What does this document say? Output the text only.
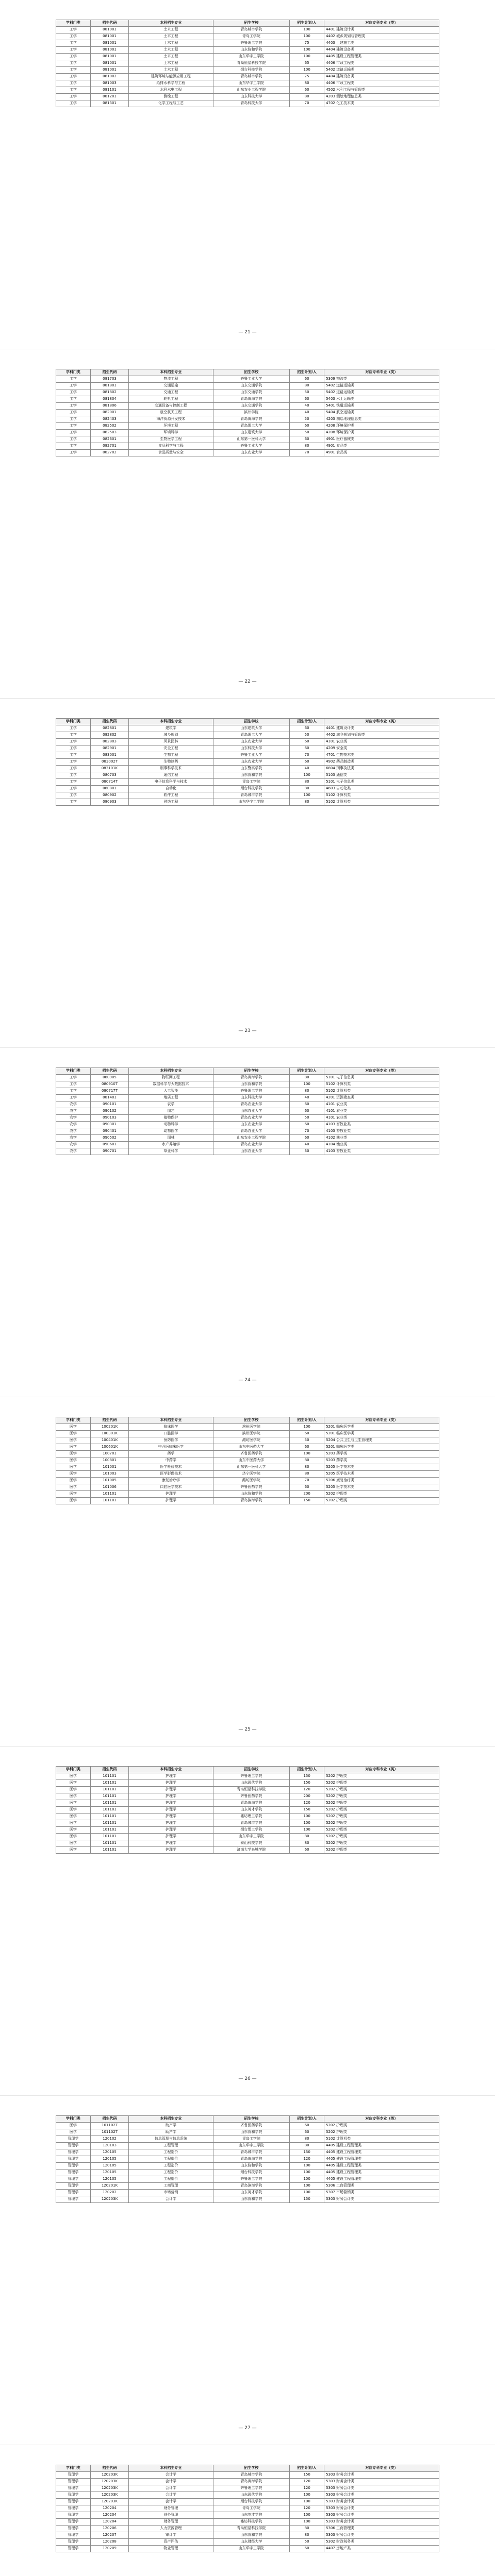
学科门类	招生代码	本科招生专业	招生学校	招生计划/人	对应专科专业（类）
工学	081001	土木工程	青岛城市学院	100	4401 建筑设计类
工学	081001	土木工程	青岛工学院	100	4402 城乡规划与管理类
工学	081001	土木工程	齐鲁理工学院	75	4403 土建施工类
工学	081001	土木工程	山东协和学院	100	4404 建筑设备类
工学	081001	土木工程	山东华宇工学院	100	4405 建设工程管理类
工学	081001	土木工程	青岛恒星科技学院	65	4406 市政工程类
工学	081001	土木工程	烟台科技学院	100	5402 道路运输类
工学	081002	建筑环境与能源应用工程	青岛城市学院	75	4404 建筑设备类
工学	081003	给排水科学与工程	山东华宇工学院	80	4406 市政工程类
工学	081101	水利水电工程	山东农业工程学院	60	4502 水利工程与管理类
工学	081201	测绘工程	山东科技大学	80	4203 测绘地理信息类
工学	081301	化学工程与工艺	青岛科技大学	70	4702 化工技术类
— 21 —
学科门类	招生代码	本科招生专业	招生学校	招生计划/人	对应专科专业（类）
工学	081703	物流工程	齐鲁工业大学	60	5309 物流类
工学	081801	交通运输	山东交通学院	80	5402 道路运输类
工学	081802	交通工程	山东交通学院	50	5402 道路运输类
工学	081804	轮机工程	青岛黄海学院	60	5403 水上运输类
工学	081806	交通设备与控制工程	山东交通学院	40	5401 铁道运输类
工学	082001	航空航天工程	滨州学院	40	5404 航空运输类
工学	082403	海洋资源开发技术	青岛黄海学院	50	4203 测绘地理信息类
工学	082502	环境工程	青岛理工大学	60	4208 环境保护类
工学	082503	环境科学	山东建筑大学	50	4208 环境保护类
工学	082601	生物医学工程	山东第一医科大学	60	4901 医疗器械类
工学	082701	食品科学与工程	齐鲁工业大学	80	4901 食品类
工学	082702	食品质量与安全	山东农业大学	70	4901 食品类
— 22 —
学科门类	招生代码	本科招生专业	招生学校	招生计划/人	对应专科专业（类）
工学	082801	建筑学	山东建筑大学	60	4401 建筑设计类
工学	082802	城乡规划	青岛理工大学	50	4402 城乡规划与管理类
工学	082803	风景园林	山东农业大学	60	4101 农业类
工学	082901	安全工程	山东科技大学	60	4209 安全类
工学	083001	生物工程	齐鲁工业大学	70	4701 生物技术类
工学	083002T	生物制药	山东农业大学	60	4902 药品制造类
工学	083101K	刑事科学技术	山东警察学院	40	6804 刑事执法类
工学	080703	通信工程	山东协和学院	100	5103 通信类
工学	080714T	电子信息科学与技术	青岛工学院	80	5101 电子信息类
工学	080801	自动化	烟台科技学院	80	4603 自动化类
工学	080902	软件工程	青岛城市学院	100	5102 计算机类
工学	080903	网络工程	山东华宇工学院	80	5102 计算机类
— 23 —
学科门类	招生代码	本科招生专业	招生学校	招生计划/人	对应专科专业（类）
工学	080905	物联网工程	青岛黄海学院	80	5101 电子信息类
工学	080910T	数据科学与大数据技术	山东协和学院	100	5102 计算机类
工学	080717T	人工智能	齐鲁理工学院	80	5102 计算机类
工学	081401	地质工程	山东科技大学	40	4201 资源勘查类
农学	090101	农学	青岛农业大学	60	4101 农业类
农学	090102	园艺	山东农业大学	60	4101 农业类
农学	090103	植物保护	青岛农业大学	50	4101 农业类
农学	090301	动物科学	山东农业大学	60	4103 畜牧业类
农学	090401	动物医学	青岛农业大学	70	4103 畜牧业类
农学	090502	园林	山东农业工程学院	60	4102 林业类
农学	090601	水产养殖学	青岛农业大学	40	4104 渔业类
农学	090701	草业科学	山东农业大学	30	4103 畜牧业类
— 24 —
学科门类	招生代码	本科招生专业	招生学校	招生计划/人	对应专科专业（类）
医学	100201K	临床医学	滨州医学院	100	5201 临床医学类
医学	100301K	口腔医学	滨州医学院	60	5201 临床医学类
医学	100401K	预防医学	潍坊医学院	50	5204 公共卫生与卫生管理类
医学	100601K	中西医临床医学	山东中医药大学	60	5201 临床医学类
医学	100701	药学	齐鲁医药学院	100	5203 药学类
医学	100801	中药学	山东中医药大学	80	5203 药学类
医学	101001	医学检验技术	山东第一医科大学	80	5205 医学技术类
医学	101003	医学影像技术	济宁医学院	80	5205 医学技术类
医学	101005	康复治疗学	潍坊医学院	70	5206 康复治疗类
医学	101006	口腔医学技术	齐鲁医药学院	60	5205 医学技术类
医学	101101	护理学	山东协和学院	200	5202 护理类
医学	101101	护理学	青岛滨海学院	150	5202 护理类
— 25 —
学科门类	招生代码	本科招生专业	招生学校	招生计划/人	对应专科专业（类）
医学	101101	护理学	齐鲁理工学院	150	5202 护理类
医学	101101	护理学	山东现代学院	150	5202 护理类
医学	101101	护理学	青岛恒星科技学院	120	5202 护理类
医学	101101	护理学	齐鲁医药学院	200	5202 护理类
医学	101101	护理学	青岛黄海学院	120	5202 护理类
医学	101101	护理学	山东英才学院	150	5202 护理类
医学	101101	护理学	潍坊理工学院	100	5202 护理类
医学	101101	护理学	青岛城市学院	100	5202 护理类
医学	101101	护理学	烟台理工学院	100	5202 护理类
医学	101101	护理学	山东华宇工学院	80	5202 护理类
医学	101101	护理学	泰山科技学院	80	5202 护理类
医学	101101	护理学	济南大学泉城学院	60	5202 护理类
— 26 —
学科门类	招生代码	本科招生专业	招生学校	招生计划/人	对应专科专业（类）
医学	101102T	助产学	齐鲁医药学院	60	5202 护理类
医学	101102T	助产学	山东协和学院	60	5202 护理类
管理学	120102	信息管理与信息系统	青岛工学院	80	5102 计算机类
管理学	120103	工程管理	山东华宇工学院	80	4405 建设工程管理类
管理学	120105	工程造价	青岛城市学院	150	4405 建设工程管理类
管理学	120105	工程造价	青岛黄海学院	120	4405 建设工程管理类
管理学	120105	工程造价	山东协和学院	100	4405 建设工程管理类
管理学	120105	工程造价	烟台科技学院	100	4405 建设工程管理类
管理学	120105	工程造价	齐鲁理工学院	100	4405 建设工程管理类
管理学	120201K	工商管理	青岛滨海学院	100	5306 工商管理类
管理学	120202	市场营销	山东英才学院	100	5307 市场营销类
管理学	120203K	会计学	山东协和学院	150	5303 财务会计类
— 27 —
学科门类	招生代码	本科招生专业	招生学校	招生计划/人	对应专科专业（类）
管理学	120203K	会计学	青岛城市学院	150	5303 财务会计类
管理学	120203K	会计学	青岛黄海学院	120	5303 财务会计类
管理学	120203K	会计学	齐鲁理工学院	120	5303 财务会计类
管理学	120203K	会计学	山东现代学院	100	5303 财务会计类
管理学	120203K	会计学	烟台科技学院	100	5303 财务会计类
管理学	120204	财务管理	青岛工学院	120	5303 财务会计类
管理学	120204	财务管理	山东英才学院	100	5303 财务会计类
管理学	120204	财务管理	潍坊科技学院	100	5303 财务会计类
管理学	120206	人力资源管理	青岛恒星科技学院	80	5306 工商管理类
管理学	120207	审计学	山东协和学院	80	5303 财务会计类
管理学	120208	资产评估	山东财经大学	50	5302 财政税务类
管理学	120209	物业管理	山东华宇工学院	60	4407 房地产类
